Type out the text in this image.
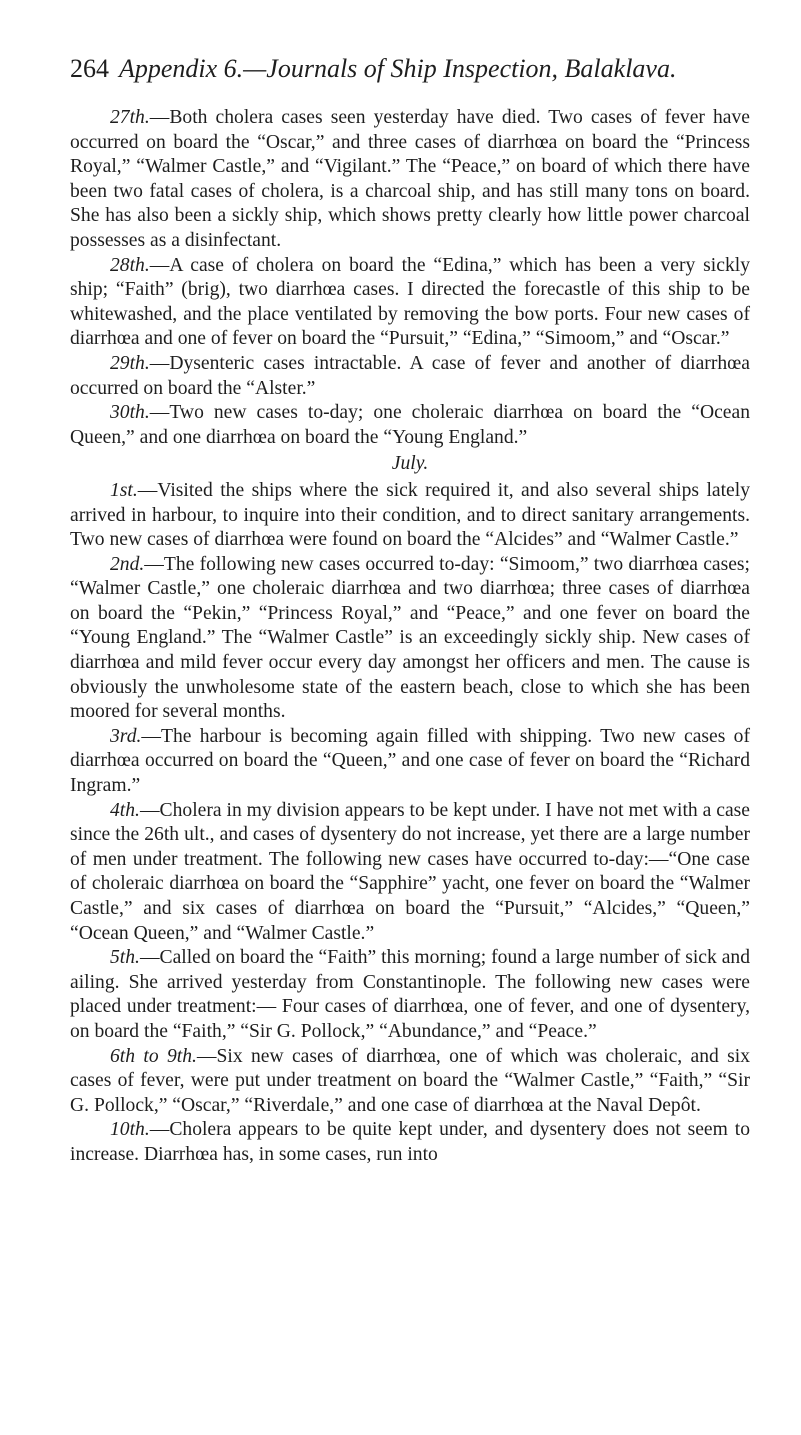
264 Appendix 6.—Journals of Ship Inspection, Balaklava.

27th.—Both cholera cases seen yesterday have died. Two cases of fever have occurred on board the “Oscar,” and three cases of diarrhœa on board the “Princess Royal,” “Walmer Castle,” and “Vigilant.” The “Peace,” on board of which there have been two fatal cases of cholera, is a charcoal ship, and has still many tons on board. She has also been a sickly ship, which shows pretty clearly how little power charcoal possesses as a disinfectant.

28th.—A case of cholera on board the “Edina,” which has been a very sickly ship; “Faith” (brig), two diarrhœa cases. I directed the forecastle of this ship to be whitewashed, and the place ventilated by removing the bow ports. Four new cases of diarrhœa and one of fever on board the “Pursuit,” “Edina,” “Simoom,” and “Oscar.”

29th.—Dysenteric cases intractable. A case of fever and another of diarrhœa occurred on board the “Alster.”

30th.—Two new cases to-day; one choleraic diarrhœa on board the “Ocean Queen,” and one diarrhœa on board the “Young England.”

July.

1st.—Visited the ships where the sick required it, and also several ships lately arrived in harbour, to inquire into their condition, and to direct sanitary arrangements. Two new cases of diarrhœa were found on board the “Alcides” and “Walmer Castle.”

2nd.—The following new cases occurred to-day: “Simoom,” two diarrhœa cases; “Walmer Castle,” one choleraic diarrhœa and two diarrhœa; three cases of diarrhœa on board the “Pekin,” “Princess Royal,” and “Peace,” and one fever on board the “Young England.” The “Walmer Castle” is an exceedingly sickly ship. New cases of diarrhœa and mild fever occur every day amongst her officers and men. The cause is obviously the unwholesome state of the eastern beach, close to which she has been moored for several months.

3rd.—The harbour is becoming again filled with shipping. Two new cases of diarrhœa occurred on board the “Queen,” and one case of fever on board the “Richard Ingram.”

4th.—Cholera in my division appears to be kept under. I have not met with a case since the 26th ult., and cases of dysentery do not increase, yet there are a large number of men under treatment. The following new cases have occurred to-day:—“One case of choleraic diarrhœa on board the “Sapphire” yacht, one fever on board the “Walmer Castle,” and six cases of diarrhœa on board the “Pursuit,” “Alcides,” “Queen,” “Ocean Queen,” and “Walmer Castle.”

5th.—Called on board the “Faith” this morning; found a large number of sick and ailing. She arrived yesterday from Constantinople. The following new cases were placed under treatment:— Four cases of diarrhœa, one of fever, and one of dysentery, on board the “Faith,” “Sir G. Pollock,” “Abundance,” and “Peace.”

6th to 9th.—Six new cases of diarrhœa, one of which was choleraic, and six cases of fever, were put under treatment on board the “Walmer Castle,” “Faith,” “Sir G. Pollock,” “Oscar,” “Riverdale,” and one case of diarrhœa at the Naval Depôt.

10th.—Cholera appears to be quite kept under, and dysentery does not seem to increase. Diarrhœa has, in some cases, run into
